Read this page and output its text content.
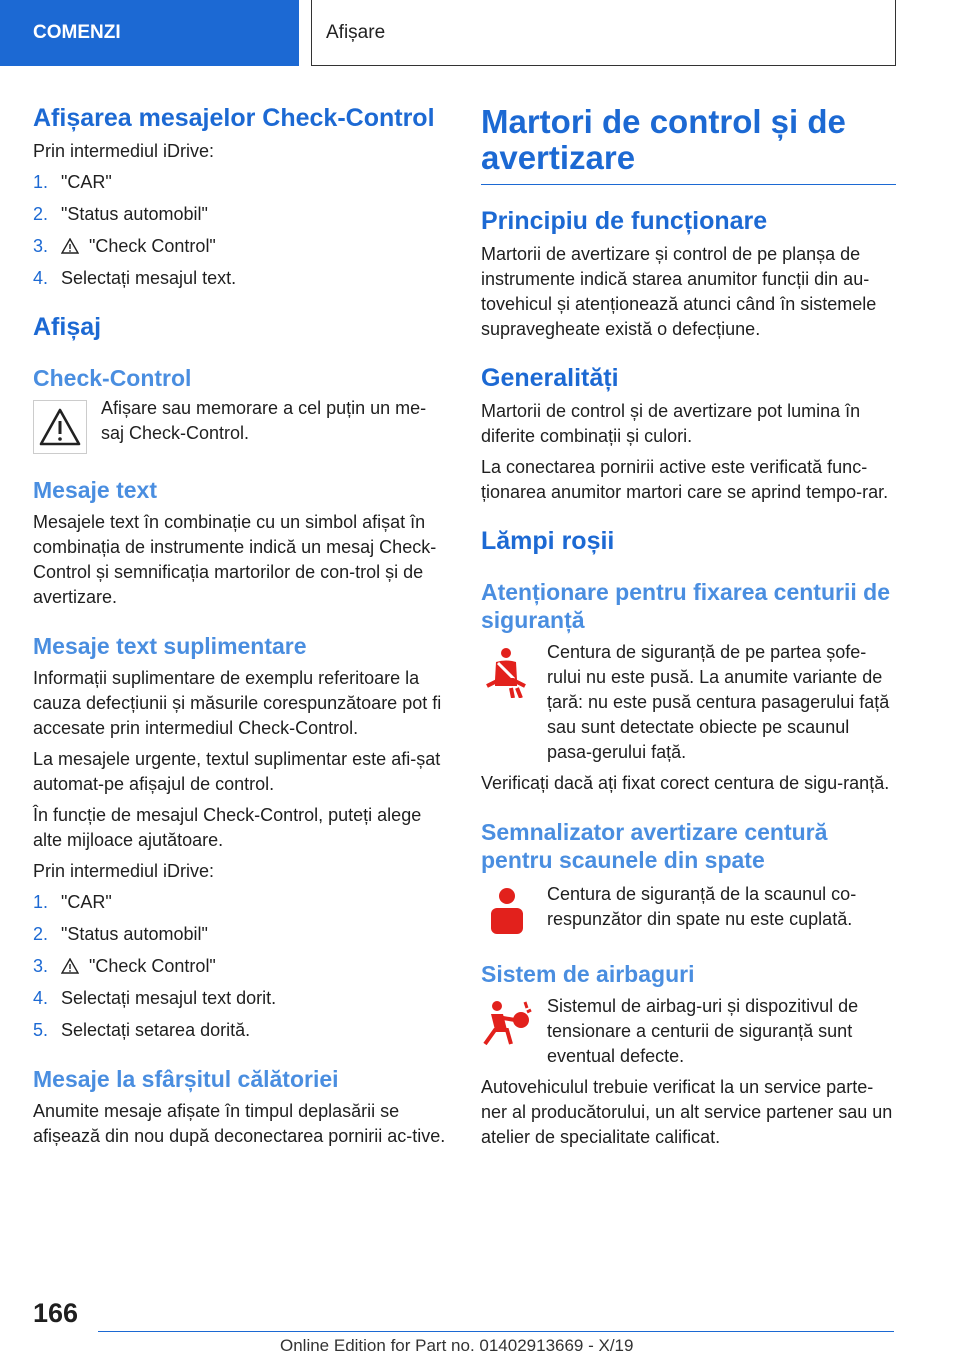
COMENZI	Afișare
Afișarea mesajelor Check-Control

Prin intermediul iDrive:

1. "CAR"
2. "Status automobil"
3.	"Check Control"
4. Selectați mesajul text.
Afișaj
Check-Control

Afișare sau memorare a cel puțin un me-saj Check-Control.

Mesaje text

Mesajele text în combinație cu un simbol afișat în combinația de instrumente indică un mesaj Check-Control și semnificația martorilor de con-trol și de avertizare.

Mesaje text suplimentare

Informații suplimentare de exemplu referitoare la cauza defecțiunii și măsurile corespunzătoare pot fi accesate prin intermediul Check-Control.

La mesajele urgente, textul suplimentar este afi-șat automat-pe afișajul de control.

În funcție de mesajul Check-Control, puteți alege alte mijloace ajutătoare.

Prin intermediul iDrive:

1. "CAR"
2. "Status automobil"
3.	"Check Control"
4. Selectați mesajul text dorit.
5. Selectați setarea dorită.
Mesaje la sfârșitul călătoriei

Anumite mesaje afișate în timpul deplasării se afișează din nou după deconectarea pornirii ac-tive.

Martori de control și de avertizare
Principiu de funcționare

Martorii de avertizare și control de pe planșa de instrumente indică starea anumitor funcții din au-tovehicul și atenționează atunci când în sistemele supravegheate există o defecțiune.

Generalități

Martorii de control și de avertizare pot lumina în diferite combinații și culori.

La conectarea pornirii active este verificată func-ționarea anumitor martori care se aprind tempo-rar.

Lămpi roșii
Atenționare pentru fixarea centurii de siguranță

Centura de siguranță de pe partea șofe-rului nu este pusă. La anumite variante de țară: nu este pusă centura pasagerului față sau sunt detectate obiecte pe scaunul pasa-gerului față.

Verificați dacă ați fixat corect centura de sigu-ranță.

Semnalizator avertizare centură pentru scaunele din spate

Centura de siguranță de la scaunul co-respunzător din spate nu este cuplată.

Sistem de airbaguri

Sistemul de airbag-uri și dispozitivul de tensionare a centurii de siguranță sunt eventual defecte.

Autovehiculul trebuie verificat la un service parte-ner al producătorului, un alt service partener sau un atelier de specialitate calificat.

166
Online Edition for Part no. 01402913669 - X/19
